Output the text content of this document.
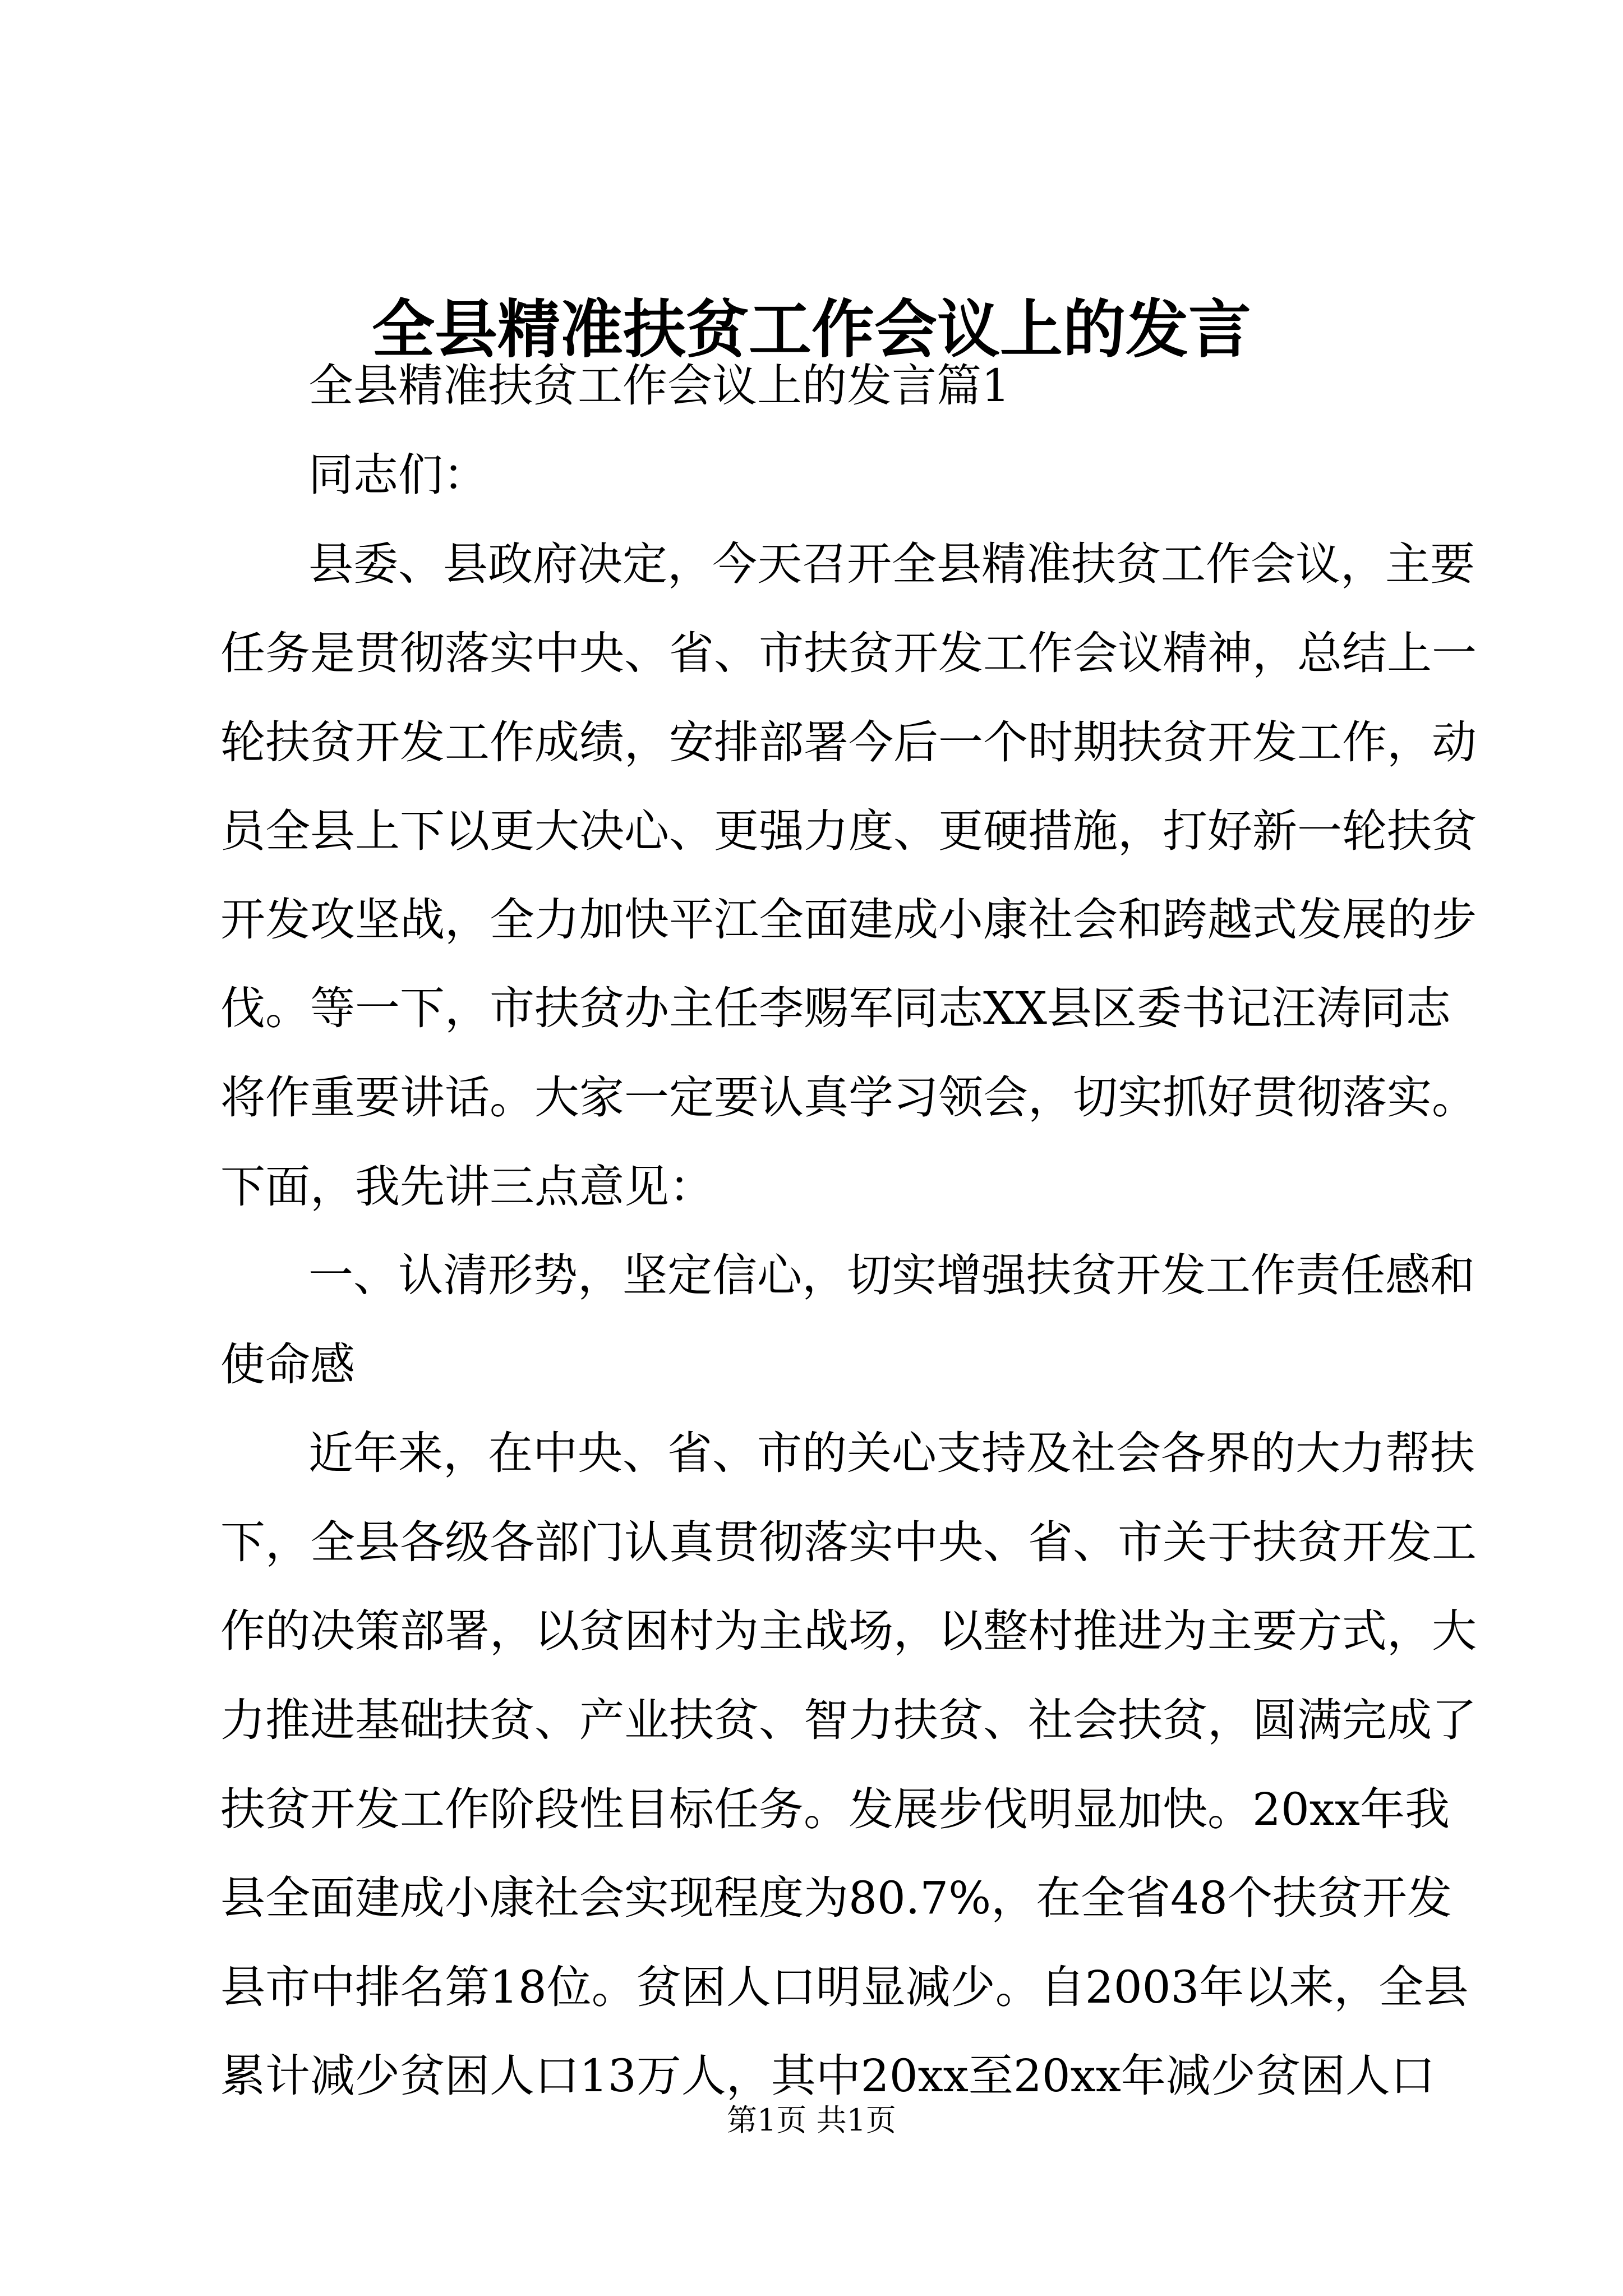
全县精准扶贫工作会议上的发言
全县精准扶贫工作会议上的发言篇1
同志们：
县委、县政府决定，今天召开全县精准扶贫工作会议，主要
任务是贯彻落实中央、省、市扶贫开发工作会议精神，总结上一
轮扶贫开发工作成绩，安排部署今后一个时期扶贫开发工作，动
员全县上下以更大决心、更强力度、更硬措施，打好新一轮扶贫
开发攻坚战，全力加快平江全面建成小康社会和跨越式发展的步
伐。等一下，市扶贫办主任李赐军同志XX县区委书记汪涛同志
将作重要讲话。大家一定要认真学习领会，切实抓好贯彻落实。
下面，我先讲三点意见：
一、认清形势，坚定信心，切实增强扶贫开发工作责任感和
使命感
近年来，在中央、省、市的关心支持及社会各界的大力帮扶
下，全县各级各部门认真贯彻落实中央、省、市关于扶贫开发工
作的决策部署，以贫困村为主战场，以整村推进为主要方式，大
力推进基础扶贫、产业扶贫、智力扶贫、社会扶贫，圆满完成了
扶贫开发工作阶段性目标任务。发展步伐明显加快。20xx年我
县全面建成小康社会实现程度为80.7%，在全省48个扶贫开发
县市中排名第18位。贫困人口明显减少。自2003年以来，全县
累计减少贫困人口13万人，其中20xx至20xx年减少贫困人口
第1页 共1页
